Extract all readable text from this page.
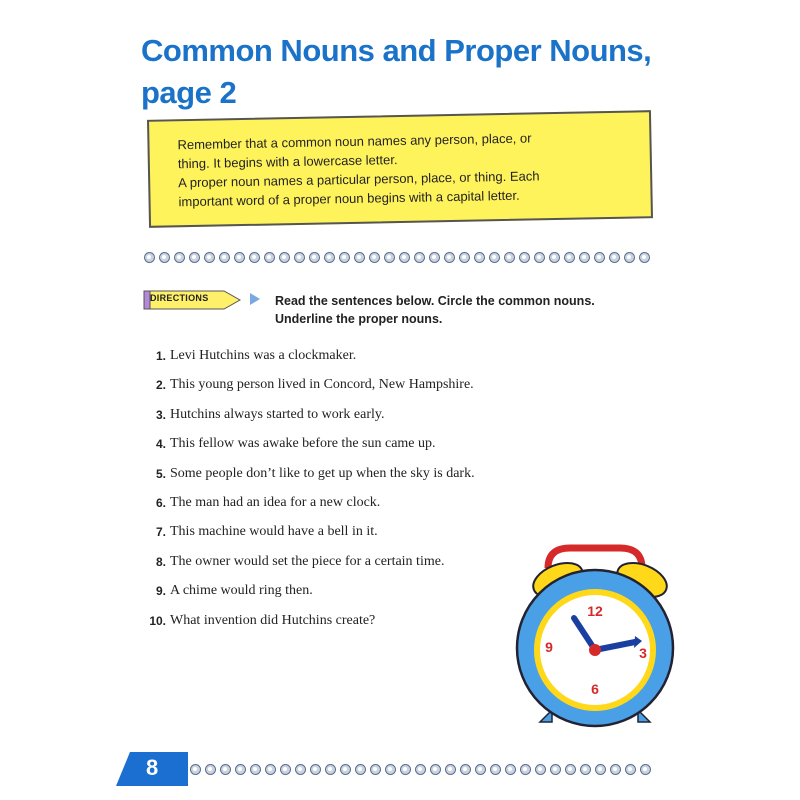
Common Nouns and Proper Nouns, page 2

Remember that a common noun names any person, place, or

thing. It begins with a lowercase letter.

A proper noun names a particular person, place, or thing. Each

important word of a proper noun begins with a capital letter.

DIRECTIONS	Read the sentences below. Circle the common nouns.
Underline the proper nouns.

1. Levi Hutchins was a clockmaker.
2. This young person lived in Concord, New Hampshire.
3. Hutchins always started to work early.
4. This fellow was awake before the sun came up.
5. Some people don’t like to get up when the sky is dark.
6. The man had an idea for a new clock.
7. This machine would have a bell in it.
8. The owner would set the piece for a certain time.
9. A chime would ring then.
10. What invention did Hutchins create?
12
3
6
9
8
